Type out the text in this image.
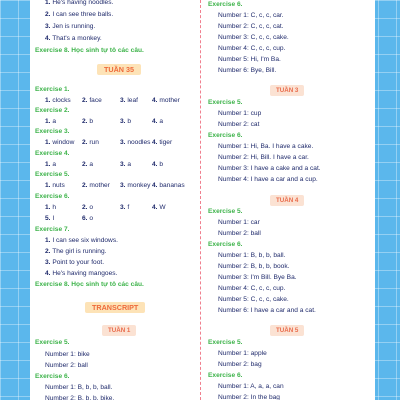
1. He's having noodles.
2. I can see three balls.
3. Jen is running.
4. That's a monkey.
Exercise 8. Học sinh tự tô các câu.
TUẦN 35
Exercise 1.
1. clocks 2. face	3. leaf 4. mother
Exercise 2.
1. a	2. b	3. b	4. a
Exercise 3.
1. window 2. run	3. noodles 4. tiger
Exercise 4.
1. a	2. a	3. a	4. b
Exercise 5.
1. nuts	2. mother 3. monkey 4. bananas
Exercise 6.
1. h	2. o	3. f	4. W
5. I	6. o
Exercise 7.
1. I can see six windows.
2. The girl is running.
3. Point to your foot.
4. He's having mangoes.
Exercise 8. Học sinh tự tô các câu.
TRANSCRIPT
TUẦN 1
Exercise 5.
Number 1: bike
Number 2: ball
Exercise 6.
Number 1: B, b, b, ball.
Number 2: B, b, b, bike.
Exercise 6.
Number 1: C, c, c, car.
Number 2: C, c, c, cat.
Number 3: C, c, c, cake.
Number 4: C, c, c, cup.
Number 5: Hi, I'm Ba.
Number 6: Bye, Bill.
TUẦN 3
Exercise 5.
Number 1: cup
Number 2: cat
Exercise 6.
Number 1: Hi, Ba. I have a cake.
Number 2: Hi, Bill. I have a car.
Number 3: I have a cake and a cat.
Number 4: I have a car and a cup.
TUẦN 4
Exercise 5.
Number 1: car
Number 2: ball
Exercise 6.
Number 1: B, b, b, ball.
Number 2: B, b, b, book.
Number 3: I'm Bill. Bye Ba.
Number 4: C, c, c, cup.
Number 5: C, c, c, cake.
Number 6: I have a car and a cat.
TUẦN 5
Exercise 5.
Number 1: apple
Number 2: bag
Exercise 6.
Number 1: A, a, a, can
Number 2: In the bag
